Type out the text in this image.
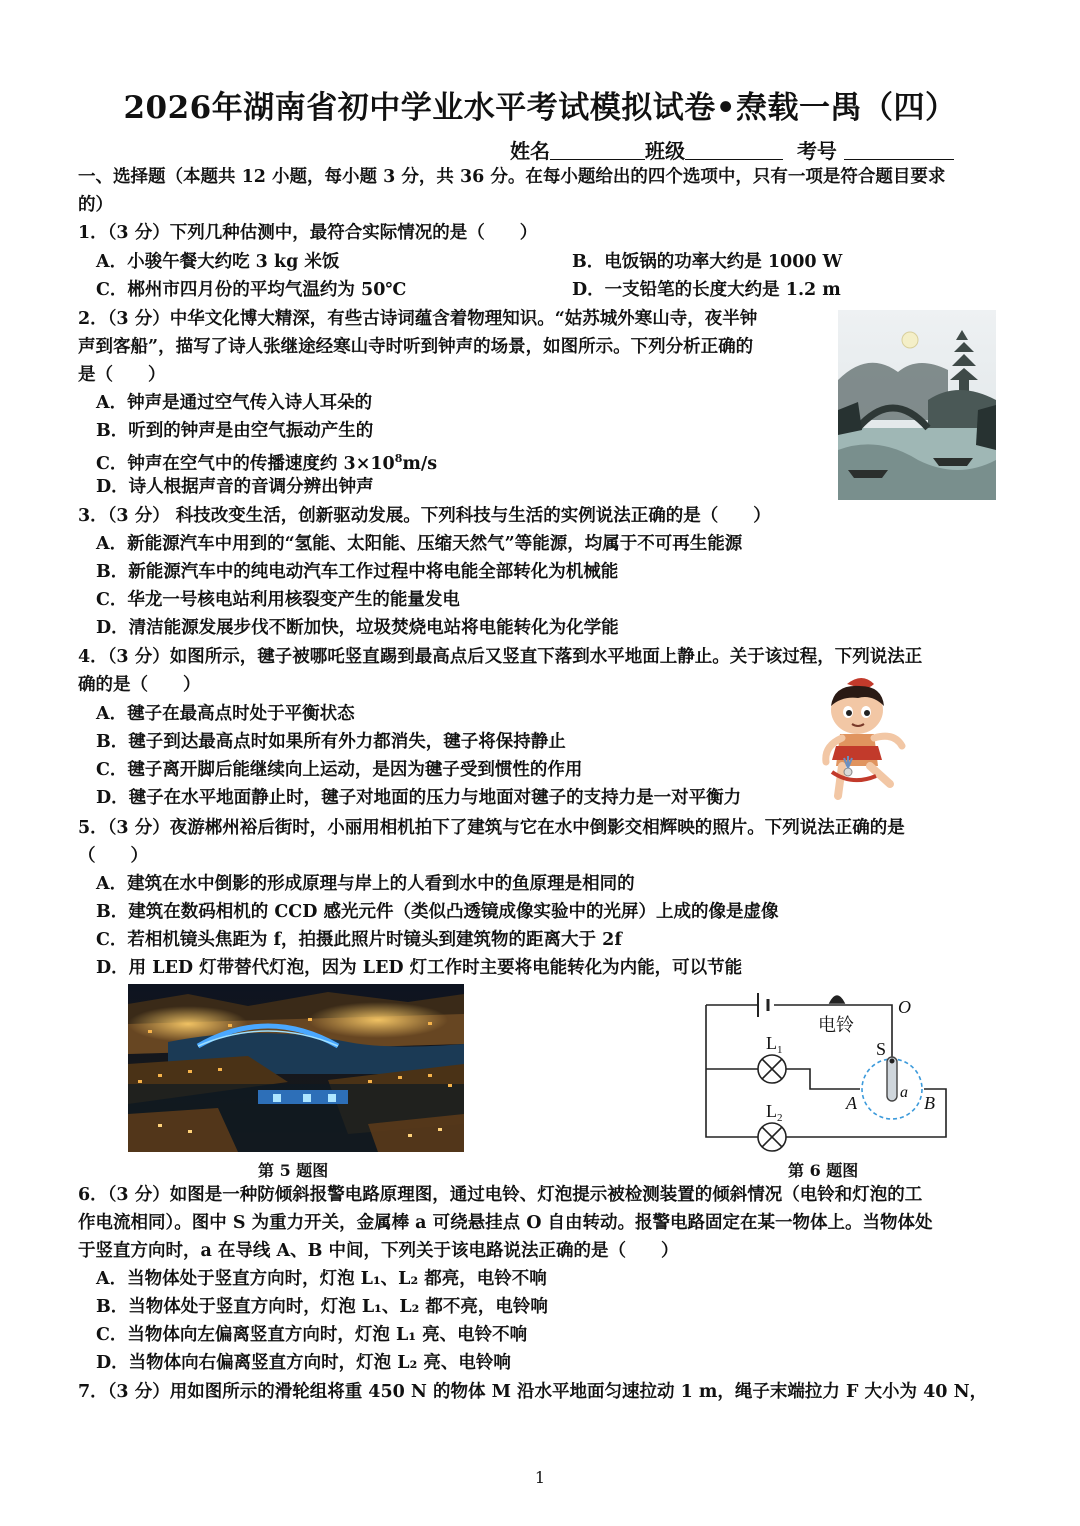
2026年湖南省初中学业水平考试模拟试卷•焘载一禺（四）
姓名	班级	考号
一、选择题（本题共 12 小题，每小题 3 分，共 36 分。在每小题给出的四个选项中，只有一项是符合题目要求
的）
1．（3 分）下列几种估测中，最符合实际情况的是（　　）
A．小骏午餐大约吃 3 kg 米饭	B．电饭锅的功率大约是 1000 W
C．郴州市四月份的平均气温约为 50℃	D．一支铅笔的长度大约是 1.2 m
2．（3 分）中华文化博大精深，有些古诗词蕴含着物理知识。“姑苏城外寒山寺，夜半钟
声到客船”，描写了诗人张继途经寒山寺时听到钟声的场景，如图所示。下列分析正确的
是（　　）
A．钟声是通过空气传入诗人耳朵的
B．听到的钟声是由空气振动产生的
C．钟声在空气中的传播速度约 $3\times 10^8m/s$
D．诗人根据声音的音调分辨出钟声
3．（3 分） 科技改变生活，创新驱动发展。下列科技与生活的实例说法正确的是（　　）
A．新能源汽车中用到的“氢能、太阳能、压缩天然气”等能源，均属于不可再生能源
B．新能源汽车中的纯电动汽车工作过程中将电能全部转化为机械能
C．华龙一号核电站利用核裂变产生的能量发电
D．清洁能源发展步伐不断加快，垃圾焚烧电站将电能转化为化学能
4．（3 分）如图所示，毽子被哪吒竖直踢到最高点后又竖直下落到水平地面上静止。关于该过程，下列说法正
确的是（　　）
A．毽子在最高点时处于平衡状态
B．毽子到达最高点时如果所有外力都消失，毽子将保持静止
C．毽子离开脚后能继续向上运动，是因为毽子受到惯性的作用
D．毽子在水平地面静止时，毽子对地面的压力与地面对毽子的支持力是一对平衡力
5．（3 分）夜游郴州裕后街时，小丽用相机拍下了建筑与它在水中倒影交相辉映的照片。下列说法正确的是
（　　）
A．建筑在水中倒影的形成原理与岸上的人看到水中的鱼原理是相同的
B．建筑在数码相机的 CCD 感光元件（类似凸透镜成像实验中的光屏）上成的像是虚像
C．若相机镜头焦距为 f，拍摄此照片时镜头到建筑物的距离大于 2f
D．用 LED 灯带替代灯泡，因为 LED 灯工作时主要将电能转化为内能，可以节能
第 5 题图
电铃
O
S
$L_1$
$L_2$
A	B
a
第 6 题图
6．（3 分）如图是一种防倾斜报警电路原理图，通过电铃、灯泡提示被检测装置的倾斜情况（电铃和灯泡的工
作电流相同）。图中 S 为重力开关，金属棒 a 可绕悬挂点 O 自由转动。报警电路固定在某一物体上。当物体处
于竖直方向时，a 在导线 A、B 中间，下列关于该电路说法正确的是（　　）
A．当物体处于竖直方向时，灯泡 L₁、L₂ 都亮，电铃不响
B．当物体处于竖直方向时，灯泡 L₁、L₂ 都不亮，电铃响
C．当物体向左偏离竖直方向时，灯泡 L₁ 亮、电铃不响
D．当物体向右偏离竖直方向时，灯泡 L₂ 亮、电铃响
7．（3 分）用如图所示的滑轮组将重 450 N 的物体 M 沿水平地面匀速拉动 1 m，绳子末端拉力 F 大小为 40 N，
1
